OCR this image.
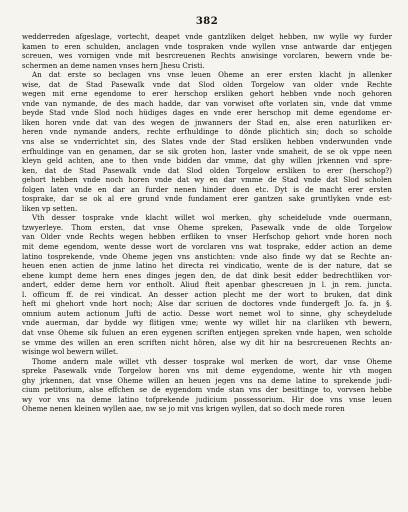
382
wedderreden afgeslage, vortecht, deapet vnde gantzliken delget hebben, nw wylle wy furder
kamen to eren schulden, anclagen vnde tospraken vnde wyllen vnse antwarde dar entjegen
screuen, wes vornigen vnde mit besrcreuenen Rechts anwisinge vorclaren, bewern vnde be-
schermen an deme namen vnses hern Jhesu Cristi.
An dat erste so beclagen vns vnse leuen Oheme an erer ersten klacht jn allenker
wise, dat de Stad Pasewalk vnde dat Slod olden Torgelow van older vnde Rechte
wegen mit erne egendome to erer herschop ersliken gehort hebben vnde noch gehoren
vnde van nymande, de des mach hadde, dar van vorwiset ofte vorlaten sin, vnde dat vmme
beyde Stad vnde Slod noch hüdiges dages en vnde erer herschop mit deme egendome er-
liken horen vnde dat van des wegen de jnwanners der Stad en, alse eren naturliken er-
heren vnde nymande anders, rechte erfhuldinge to dönde plichtich sin; doch so scholde
vns alse se vnderrichtet sin, des Slates vnde der Stad ersliken hebben vnderwunden vnde
erfhuldinge van en genamen, dar se sik groten hon, laster vnde smaheit, de se ok vppe neen
kleyn geld achten, ane to then vnde bidden dar vmme, dat ghy willen jrkennen vnd spre-
ken, dat de Stad Pasewalk vnde dat Slod olden Torgelow ersliken to erer (herschop?)
gehort hebben vnde noch horen vnde dat wy en dar vmme de Stad vnde dat Slod scholen
folgen laten vnde en dar an furder nenen hinder doen etc. Dyt is de macht erer ersten
tosprake, dar se ok al ere grund vnde fundament erer gantzen sake gruntlyken vnde est-
liken vp setten.
Vth desser tosprake vnde klacht willet wol merken, ghy scheidelude vnde ouermann,
tzwyerleye. Thom ersten, dat vnse Oheme spreken, Pasewalk vnde de olde Torgelow
van Older vnde Rechts wegen hebben erfliken to vnser Herfschop gehort vnde horen noch
mit deme egendom, wente desse wort de vorclaren vns wat tosprake, edder action an deme
latino tosprekende, vnde Oheme jegen vns anstichten: vnde also finde wy dat se Rechte an-
heuen enen actien de jnme latino het directa rei vindicatio, wente de is der nature, dat se
ebene kumpt deme hern enes dinges jegen den, de dat dink besit edder bedrechtliken vor-
andert, edder deme hern vor entholt. Aliud fteit apenbar ghescreuen jn l. jn rem. juncta.
l. officum ff. de rei vindicat. An desser action plecht me der wort to bruken, dat dink
heft mi ghehort vnde hort noch; Alse dar scriuen de doctores vnde fundergeft Jo. fa. jn §.
omnium autem actionum Jufti de actio. Desse wort nemet wol to sinne, ghy scheydelude
vnde auerman, dar bydde wy flitigen vme; wente wy willet hir na clarliken vth bewern,
dat vnse Oheme sik fuluen an eren eygenen scriften entjegen spreken vnde hapen, wen scholde
se vmme des willen an eren scriften nicht hören, alse wy dit hir na besrcreuenen Rechts an-
wisinge wol bewern willet.
Thome andern male willet vth desser tosprake wol merken de wort, dar vnse Oheme
spreke Pasewalk vnde Torgelow horen vns mit deme eygendome, wente hir vth mogen
ghy jrkennen, dat vnse Oheme willen an heuen jegen vns na deme latine to sprekende judi-
cium petitorium, alse effchen se de eygendom vnde stan vns der besittinge to, vorvsen hebbe
wy vor vns na deme latino tofprekende judicium possessorium. Hir doe vns vnse leuen
Oheme nenen kleinen wyllen aae, nw se jo mit vns krigen wyllen, dat so doch mede roren
